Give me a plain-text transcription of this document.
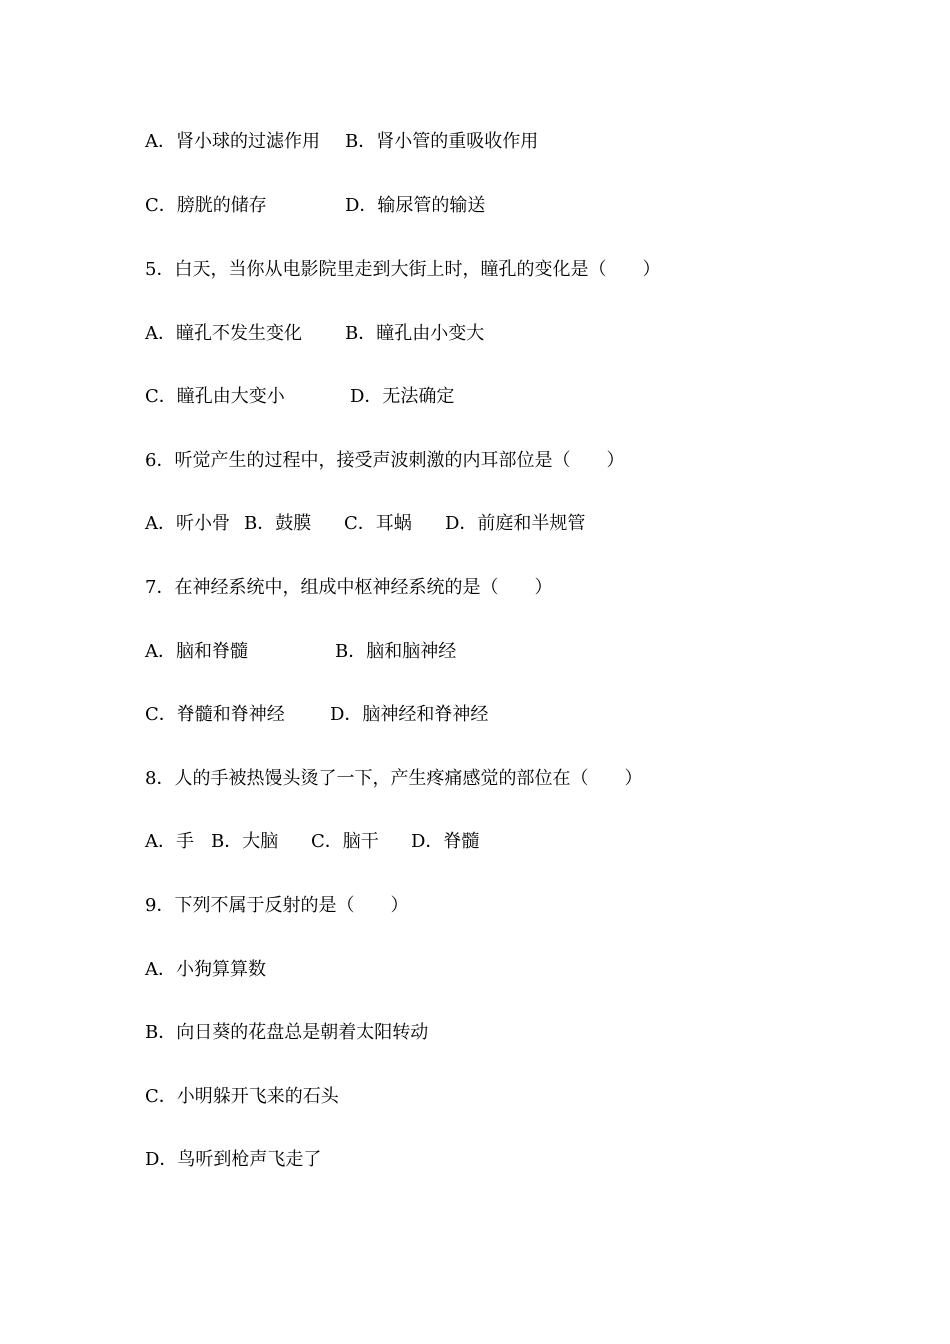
A．肾小球的过滤作用 B．肾小管的重吸收作用
C．膀胱的储存	D．输尿管的输送
5．白天，当你从电影院里走到大街上时，瞳孔的变化是（　　）
A．瞳孔不发生变化 B．瞳孔由小变大
C．瞳孔由大变小	D．无法确定
6．听觉产生的过程中，接受声波刺激的内耳部位是（　　）
A．听小骨 B．鼓膜 C．耳蜗 D．前庭和半规管
7．在神经系统中，组成中枢神经系统的是（　　）
A．脑和脊髓	B．脑和脑神经
C．脊髓和脊神经	D．脑神经和脊神经
8．人的手被热馒头烫了一下，产生疼痛感觉的部位在（　　）
A．手 B．大脑 C．脑干 D．脊髓
9．下列不属于反射的是（　　）
A．小狗算算数
B．向日葵的花盘总是朝着太阳转动
C．小明躲开飞来的石头
D．鸟听到枪声飞走了
